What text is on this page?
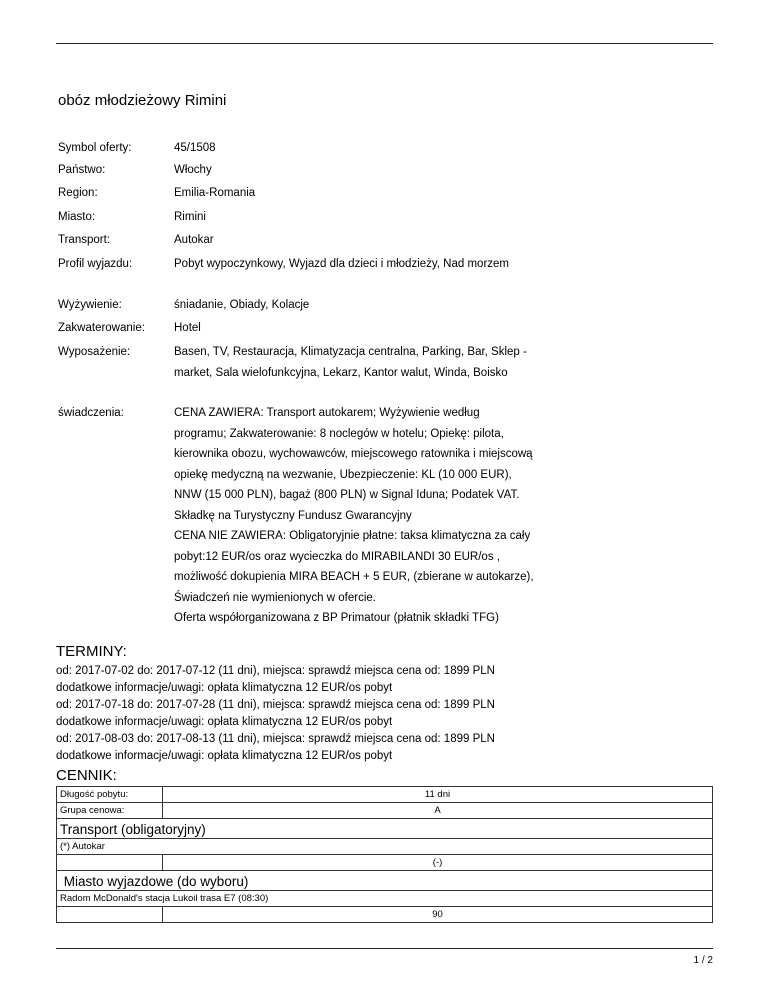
obóz młodzieżowy Rimini
Symbol oferty:	45/1508
Państwo:	Włochy
Region:	Emilia-Romania
Miasto:	Rimini
Transport:	Autokar
Profil wyjazdu:	Pobyt wypoczynkowy, Wyjazd dla dzieci i młodzieży, Nad morzem
Wyżywienie:	śniadanie, Obiady, Kolacje
Zakwaterowanie:	Hotel
Wyposażenie:	Basen, TV, Restauracja, Klimatyzacja centralna, Parking, Bar, Sklep - market, Sala wielofunkcyjna, Lekarz, Kantor walut, Winda, Boisko
świadczenia:	CENA ZAWIERA: Transport autokarem; Wyżywienie według programu; Zakwaterowanie: 8 noclegów w hotelu; Opiekę: pilota, kierownika obozu, wychowawców, miejscowego ratownika i miejscową opiekę medyczną na wezwanie, Ubezpieczenie: KL (10 000 EUR), NNW (15 000 PLN), bagaż (800 PLN) w Signal Iduna; Podatek VAT. Składkę na Turystyczny Fundusz Gwarancyjny
CENA NIE ZAWIERA: Obligatoryjnie płatne: taksa klimatyczna za cały pobyt:12 EUR/os oraz wycieczka do MIRABILANDI 30 EUR/os , możliwość dokupienia MIRA BEACH + 5 EUR, (zbierane w autokarze), Świadczeń nie wymienionych w ofercie.
Oferta współorganizowana z BP Primatour (płatnik składki TFG)
TERMINY:
od: 2017-07-02 do: 2017-07-12 (11 dni), miejsca: sprawdź miejsca cena od: 1899 PLN
dodatkowe informacje/uwagi: opłata klimatyczna 12 EUR/os pobyt
od: 2017-07-18 do: 2017-07-28 (11 dni), miejsca: sprawdź miejsca cena od: 1899 PLN
dodatkowe informacje/uwagi: opłata klimatyczna 12 EUR/os pobyt
od: 2017-08-03 do: 2017-08-13 (11 dni), miejsca: sprawdź miejsca cena od: 1899 PLN
dodatkowe informacje/uwagi: opłata klimatyczna 12 EUR/os pobyt
CENNIK:
Długość pobytu:	11 dni
Grupa cenowa:	A
Transport (obligatoryjny)	
(*) Autokar	
	(-)
Miasto wyjazdowe (do wyboru)	
Radom McDonald's stacja Lukoil trasa E7 (08:30)	
	90
1 / 2
